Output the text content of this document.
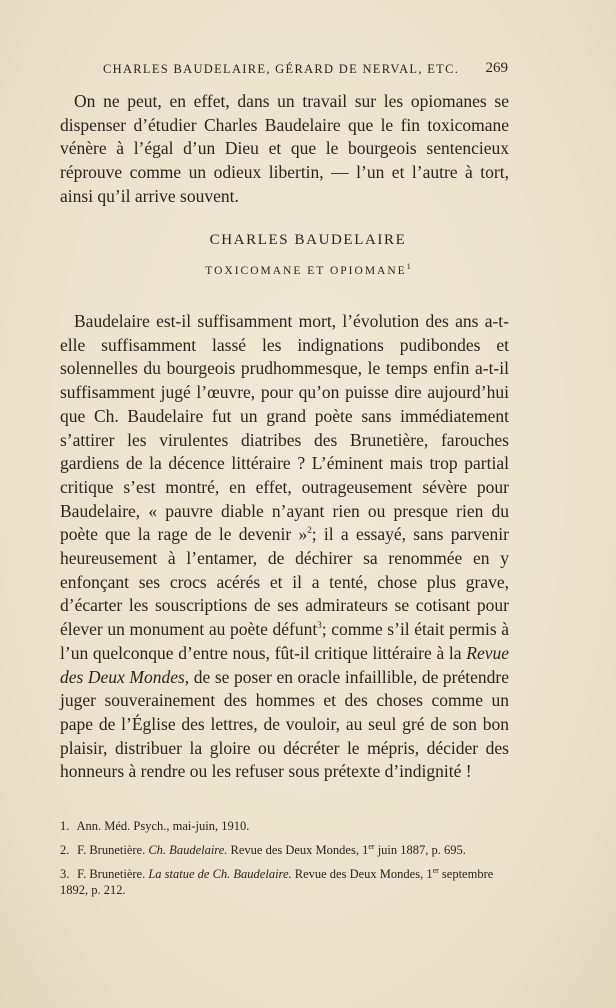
CHARLES BAUDELAIRE, GÉRARD DE NERVAL, ETC.	269

On ne peut, en effet, dans un travail sur les opiomanes se dispenser d’étudier Charles Baudelaire que le fin toxicomane vénère à l’égal d’un Dieu et que le bourgeois sentencieux réprouve comme un odieux libertin, — l’un et l’autre à tort, ainsi qu’il arrive souvent.

CHARLES BAUDELAIRE
TOXICOMANE ET OPIOMANE$^1$

Baudelaire est-il suffisamment mort, l’évolution des ans a-t-elle suffisamment lassé les indignations pudibondes et solennelles du bourgeois prudhommesque, le temps enfin a-t-il suffisamment jugé l’œuvre, pour qu’on puisse dire aujourd’hui que Ch. Baudelaire fut un grand poète sans immédiatement s’attirer les virulentes diatribes des Brunetière, farouches gardiens de la décence littéraire ? L’éminent mais trop partial critique s’est montré, en effet, outrageusement sévère pour Baudelaire, « pauvre diable n’ayant rien ou presque rien du poète que la rage de le devenir »$^2$; il a essayé, sans parvenir heureusement à l’entamer, de déchirer sa renommée en y enfonçant ses crocs acérés et il a tenté, chose plus grave, d’écarter les souscriptions de ses admirateurs se cotisant pour élever un monument au poète défunt$^3$; comme s’il était permis à l’un quelconque d’entre nous, fût-il critique littéraire à la Revue des Deux Mondes, de se poser en oracle infaillible, de prétendre juger souverainement des hommes et des choses comme un pape de l’Église des lettres, de vouloir, au seul gré de son bon plaisir, distribuer la gloire ou décréter le mépris, décider des honneurs à rendre ou les refuser sous prétexte d’indignité !

1. Ann. Méd. Psych., mai-juin, 1910.

2. F. Brunetière. Ch. Baudelaire. Revue des Deux Mondes, 1er juin 1887, p. 695.

3. F. Brunetière. La statue de Ch. Baudelaire. Revue des Deux Mondes, 1er septembre 1892, p. 212.
